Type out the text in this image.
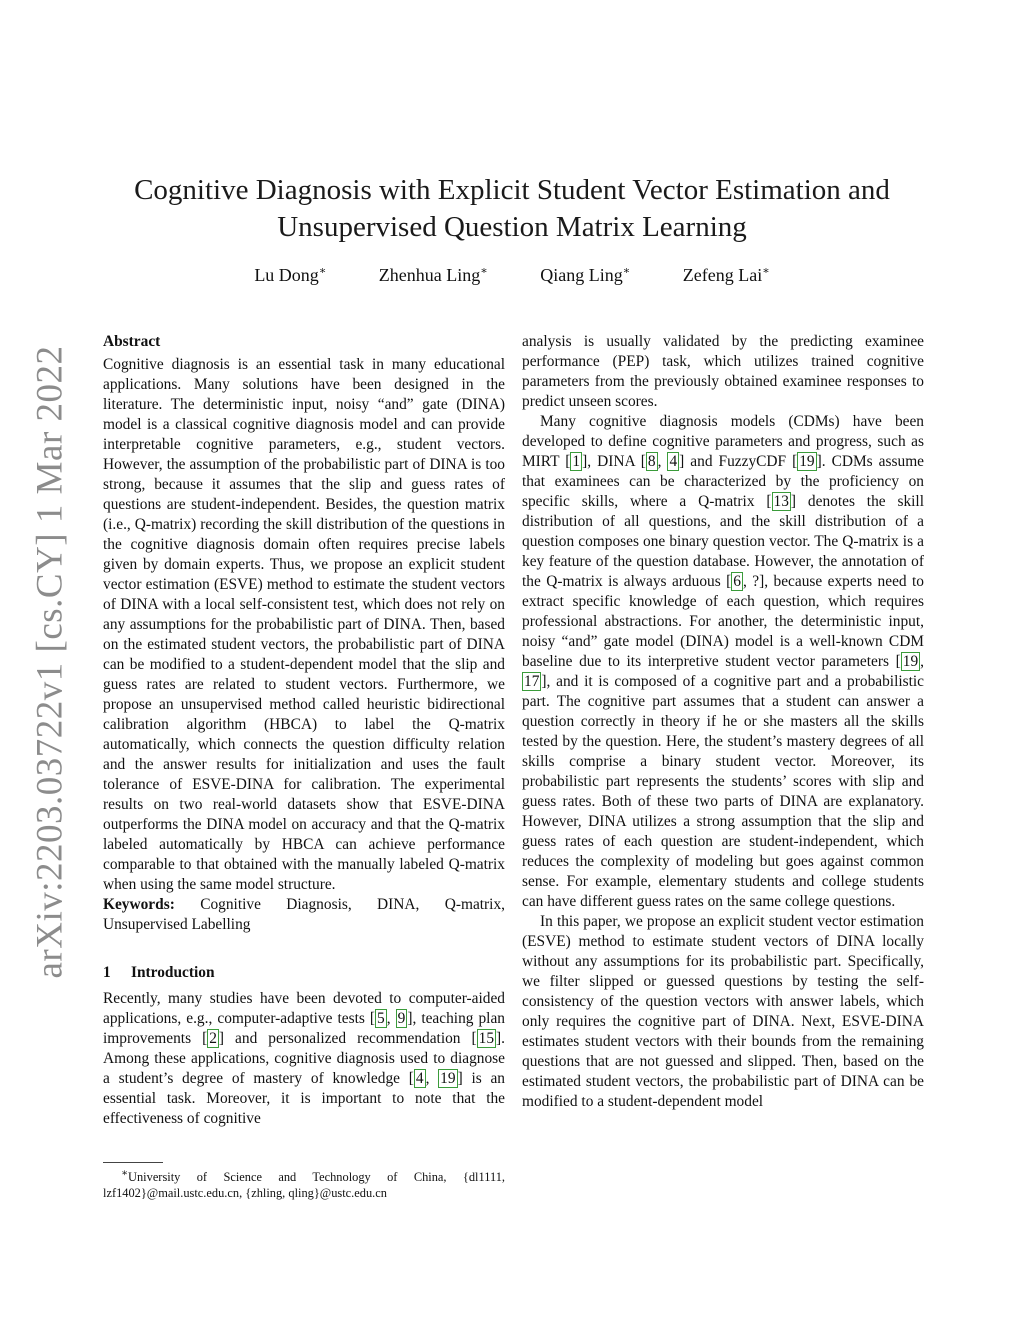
arXiv:2203.03722v1 [cs.CY] 1 Mar 2022
Cognitive Diagnosis with Explicit Student Vector Estimation and
Unsupervised Question Matrix Learning
Lu Dong∗	Zhenhua Ling∗	Qiang Ling∗	Zefeng Lai∗
Abstract

Cognitive diagnosis is an essential task in many educational applications. Many solutions have been designed in the literature. The deterministic input, noisy “and” gate (DINA) model is a classical cognitive diagnosis model and can provide interpretable cognitive parameters, e.g., student vectors. However, the assumption of the probabilistic part of DINA is too strong, because it assumes that the slip and guess rates of questions are student-independent. Besides, the question matrix (i.e., Q-matrix) recording the skill distribution of the questions in the cognitive diagnosis domain often requires precise labels given by domain experts. Thus, we propose an explicit student vector estimation (ESVE) method to estimate the student vectors of DINA with a local self-consistent test, which does not rely on any assumptions for the probabilistic part of DINA. Then, based on the estimated student vectors, the probabilistic part of DINA can be modified to a student-dependent model that the slip and guess rates are related to student vectors. Furthermore, we propose an unsupervised method called heuristic bidirectional calibration algorithm (HBCA) to label the Q-matrix automatically, which connects the question difficulty relation and the answer results for initialization and uses the fault tolerance of ESVE-DINA for calibration. The experimental results on two real-world datasets show that ESVE-DINA outperforms the DINA model on accuracy and that the Q-matrix labeled automatically by HBCA can achieve performance comparable to that obtained with the manually labeled Q-matrix when using the same model structure.

Keywords: Cognitive Diagnosis, DINA, Q-matrix, Unsupervised Labelling

1 Introduction

Recently, many studies have been devoted to computer-aided applications, e.g., computer-adaptive tests [ 5 , 9 ], teaching plan improvements [ 2 ] and personalized recommendation [ 15 ]. Among these applications, cognitive diagnosis used to diagnose a student’s degree of mastery of knowledge [ 4 , 19 ] is an essential task. Moreover, it is important to note that the effectiveness of cognitive

∗University of Science and Technology of China, {dl1111, lzf1402}@mail.ustc.edu.cn, {zhling, qling}@ustc.edu.cn

analysis is usually validated by the predicting examinee performance (PEP) task, which utilizes trained cognitive parameters from the previously obtained examinee responses to predict unseen scores.

Many cognitive diagnosis models (CDMs) have been developed to define cognitive parameters and progress, such as MIRT [ 1 ], DINA [ 8 , 4 ] and FuzzyCDF [ 19 ]. CDMs assume that examinees can be characterized by the proficiency on specific skills, where a Q-matrix [ 13 ] denotes the skill distribution of all questions, and the skill distribution of a question composes one binary question vector. The Q-matrix is a key feature of the question database. However, the annotation of the Q-matrix is always arduous [ 6 , ?], because experts need to extract specific knowledge of each question, which requires professional abstractions. For another, the deterministic input, noisy “and” gate model (DINA) model is a well-known CDM baseline due to its interpretive student vector parameters [ 19 , 17 ], and it is composed of a cognitive part and a probabilistic part. The cognitive part assumes that a student can answer a question correctly in theory if he or she masters all the skills tested by the question. Here, the student’s mastery degrees of all skills comprise a binary student vector. Moreover, its probabilistic part represents the students’ scores with slip and guess rates. Both of these two parts of DINA are explanatory. However, DINA utilizes a strong assumption that the slip and guess rates of each question are student-independent, which reduces the complexity of modeling but goes against common sense. For example, elementary students and college students can have different guess rates on the same college questions.

In this paper, we propose an explicit student vector estimation (ESVE) method to estimate student vectors of DINA locally without any assumptions for its probabilistic part. Specifically, we filter slipped or guessed questions by testing the self-consistency of the question vectors with answer labels, which only requires the cognitive part of DINA. Next, ESVE-DINA estimates student vectors with their bounds from the remaining questions that are not guessed and slipped. Then, based on the estimated student vectors, the probabilistic part of DINA can be modified to a student-dependent model
